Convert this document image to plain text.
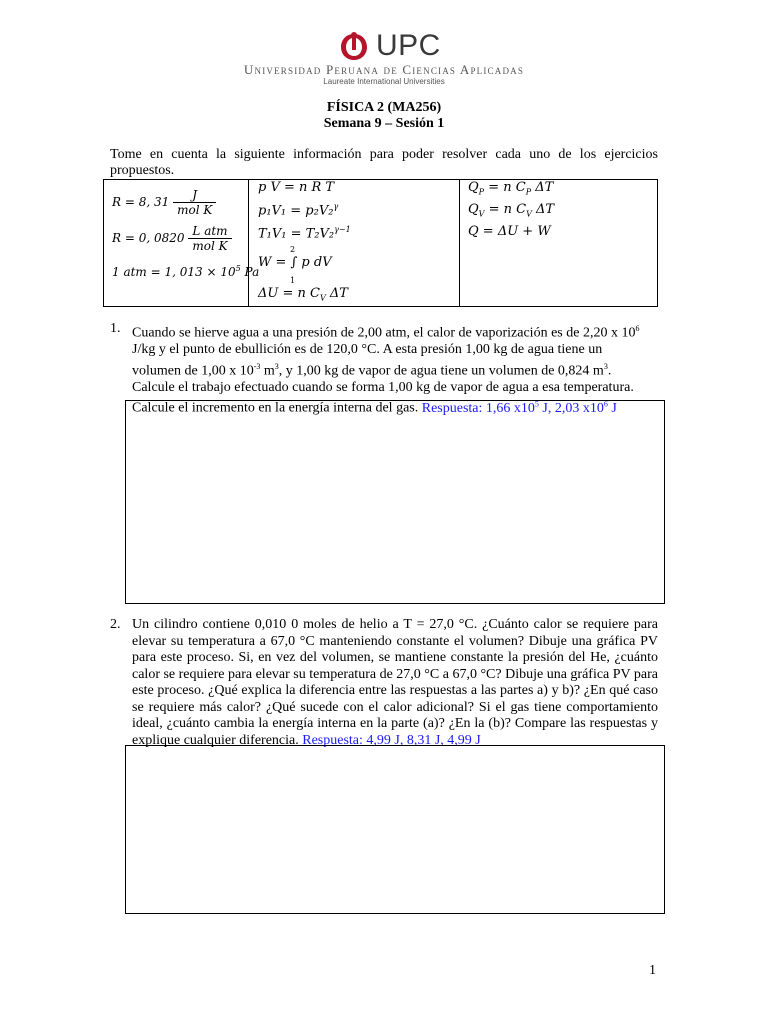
UPC
Universidad Peruana de Ciencias Aplicadas
Laureate International Universities
FÍSICA 2 (MA256)
Semana 9 – Sesión 1
Tome en cuenta la siguiente información para poder resolver cada uno de los ejercicios propuestos.
R = 8, $31 \frac{J}{\text{mol K}}$
R = 0, $0820 \frac{\text{L atm}}{\text{mol K}}$
1 atm = 1, $013 \times 10^5$ Pa
p V = n R T
p₁V₁ = p₂V₂$^\gamma$
T₁V₁ = T₂V₂$^{\gamma-1}$
W = ∫ p dV
2
1
ΔU = n $C_V$ ΔT
$Q_P = n$ $C_P$ ΔT
$Q_V = n$ $C_V$ ΔT
Q = ΔU + W
1. Cuando se hierve agua a una presión de 2,00 atm, el calor de vaporización es de 2,20 x $10^6$
J/kg y el punto de ebullición es de 120,0 °C. A esta presión 1,00 kg de agua tiene un
volumen de 1,00 x $10^{-3}$ $m^3$, y 1,00 kg de vapor de agua tiene un volumen de 0,824 $m^3$.
Calcule el trabajo efectuado cuando se forma 1,00 kg de vapor de agua a esa temperatura.
Calcule el incremento en la energía interna del gas. Respuesta: 1,66 $x10^5$ J, 2,03 $x10^6$ J
2. Un cilindro contiene 0,010 0 moles de helio a T = 27,0 °C. ¿Cuánto calor se requiere para elevar su temperatura a 67,0 °C manteniendo constante el volumen? Dibuje una gráfica PV para este proceso. Si, en vez del volumen, se mantiene constante la presión del He, ¿cuánto calor se requiere para elevar su temperatura de 27,0 °C a 67,0 °C? Dibuje una gráfica PV para este proceso. ¿Qué explica la diferencia entre las respuestas a las partes a) y b)? ¿En qué caso se requiere más calor? ¿Qué sucede con el calor adicional? Si el gas tiene comportamiento ideal, ¿cuánto cambia la energía interna en la parte (a)? ¿En la (b)? Compare las respuestas y explique cualquier diferencia. Respuesta: 4,99 J, 8,31 J, 4,99 J
1
